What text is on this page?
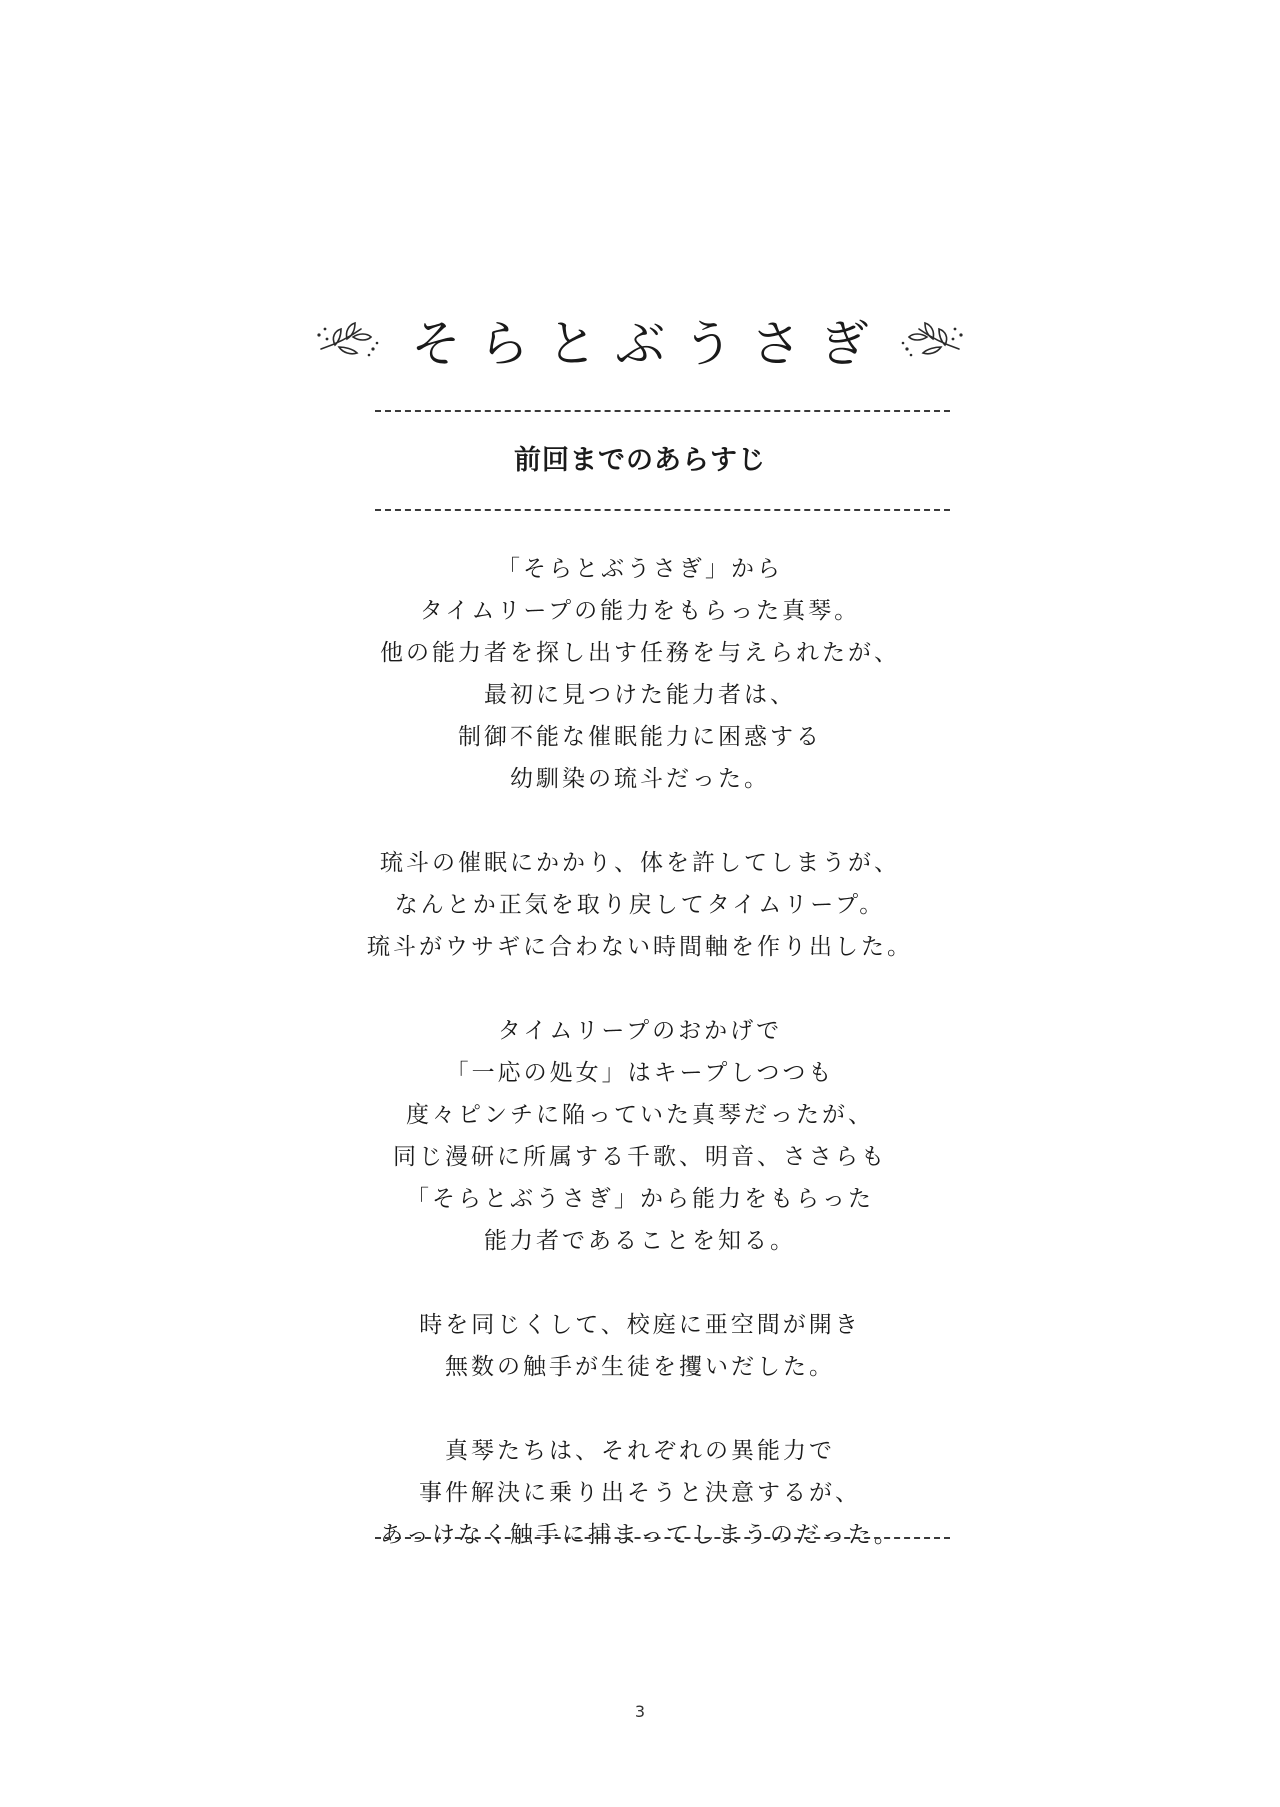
そらとぶうさぎ
前回までのあらすじ
「そらとぶうさぎ」から
タイムリープの能力をもらった真琴。
他の能力者を探し出す任務を与えられたが、
最初に見つけた能力者は、
制御不能な催眠能力に困惑する
幼馴染の琉斗だった。
琉斗の催眠にかかり、体を許してしまうが、
なんとか正気を取り戻してタイムリープ。
琉斗がウサギに合わない時間軸を作り出した。
タイムリープのおかげで
「一応の処女」はキープしつつも
度々ピンチに陥っていた真琴だったが、
同じ漫研に所属する千歌、明音、ささらも
「そらとぶうさぎ」から能力をもらった
能力者であることを知る。
時を同じくして、校庭に亜空間が開き
無数の触手が生徒を攫いだした。
真琴たちは、それぞれの異能力で
事件解決に乗り出そうと決意するが、
あっけなく触手に捕まってしまうのだった。
3
